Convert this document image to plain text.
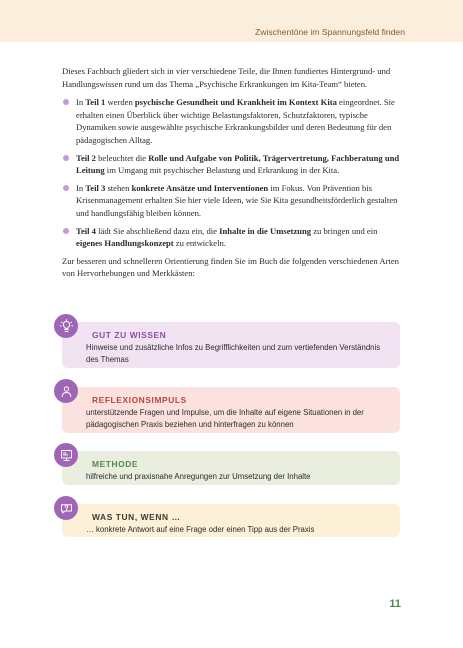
Zwischentöne im Spannungsfeld finden

Dieses Fachbuch gliedert sich in vier verschiedene Teile, die Ihnen fundiertes Hintergrund- und Handlungswissen rund um das Thema „Psychische Erkrankungen im Kita-Team“ bieten.

In Teil 1 werden psychische Gesundheit und Krankheit im Kontext Kita eingeordnet. Sie erhalten einen Überblick über wichtige Belastungsfaktoren, Schutzfaktoren, typische Dynamiken sowie ausgewählte psychische Erkrankungsbilder und deren Bedeutung für den pädagogischen Alltag.
Teil 2 beleuchtet die Rolle und Aufgabe von Politik, Trägervertretung, Fachberatung und Leitung im Umgang mit psychischer Belastung und Erkrankung in der Kita.
In Teil 3 stehen konkrete Ansätze und Interventionen im Fokus. Von Prävention bis Krisenmanagement erhalten Sie hier viele Ideen, wie Sie Kita gesundheitsförderlich gestalten und handlungsfähig bleiben können.
Teil 4 lädt Sie abschließend dazu ein, die Inhalte in die Umsetzung zu bringen und ein eigenes Handlungskonzept zu entwickeln.

Zur besseren und schnelleren Orientierung finden Sie im Buch die folgenden verschiedenen Arten von Hervorhebungen und Merkkästen:

GUT ZU WISSEN
Hinweise und zusätzliche Infos zu Begrifflichkeiten und zum vertiefenden Verständnis des Themas
REFLEXIONSIMPULS
unterstützende Fragen und Impulse, um die Inhalte auf eigene Situationen in der pädagogischen Praxis beziehen und hinterfragen zu können
METHODE
hilfreiche und praxisnahe Anregungen zur Umsetzung der Inhalte
WAS TUN, WENN …
… konkrete Antwort auf eine Frage oder einen Tipp aus der Praxis
11
